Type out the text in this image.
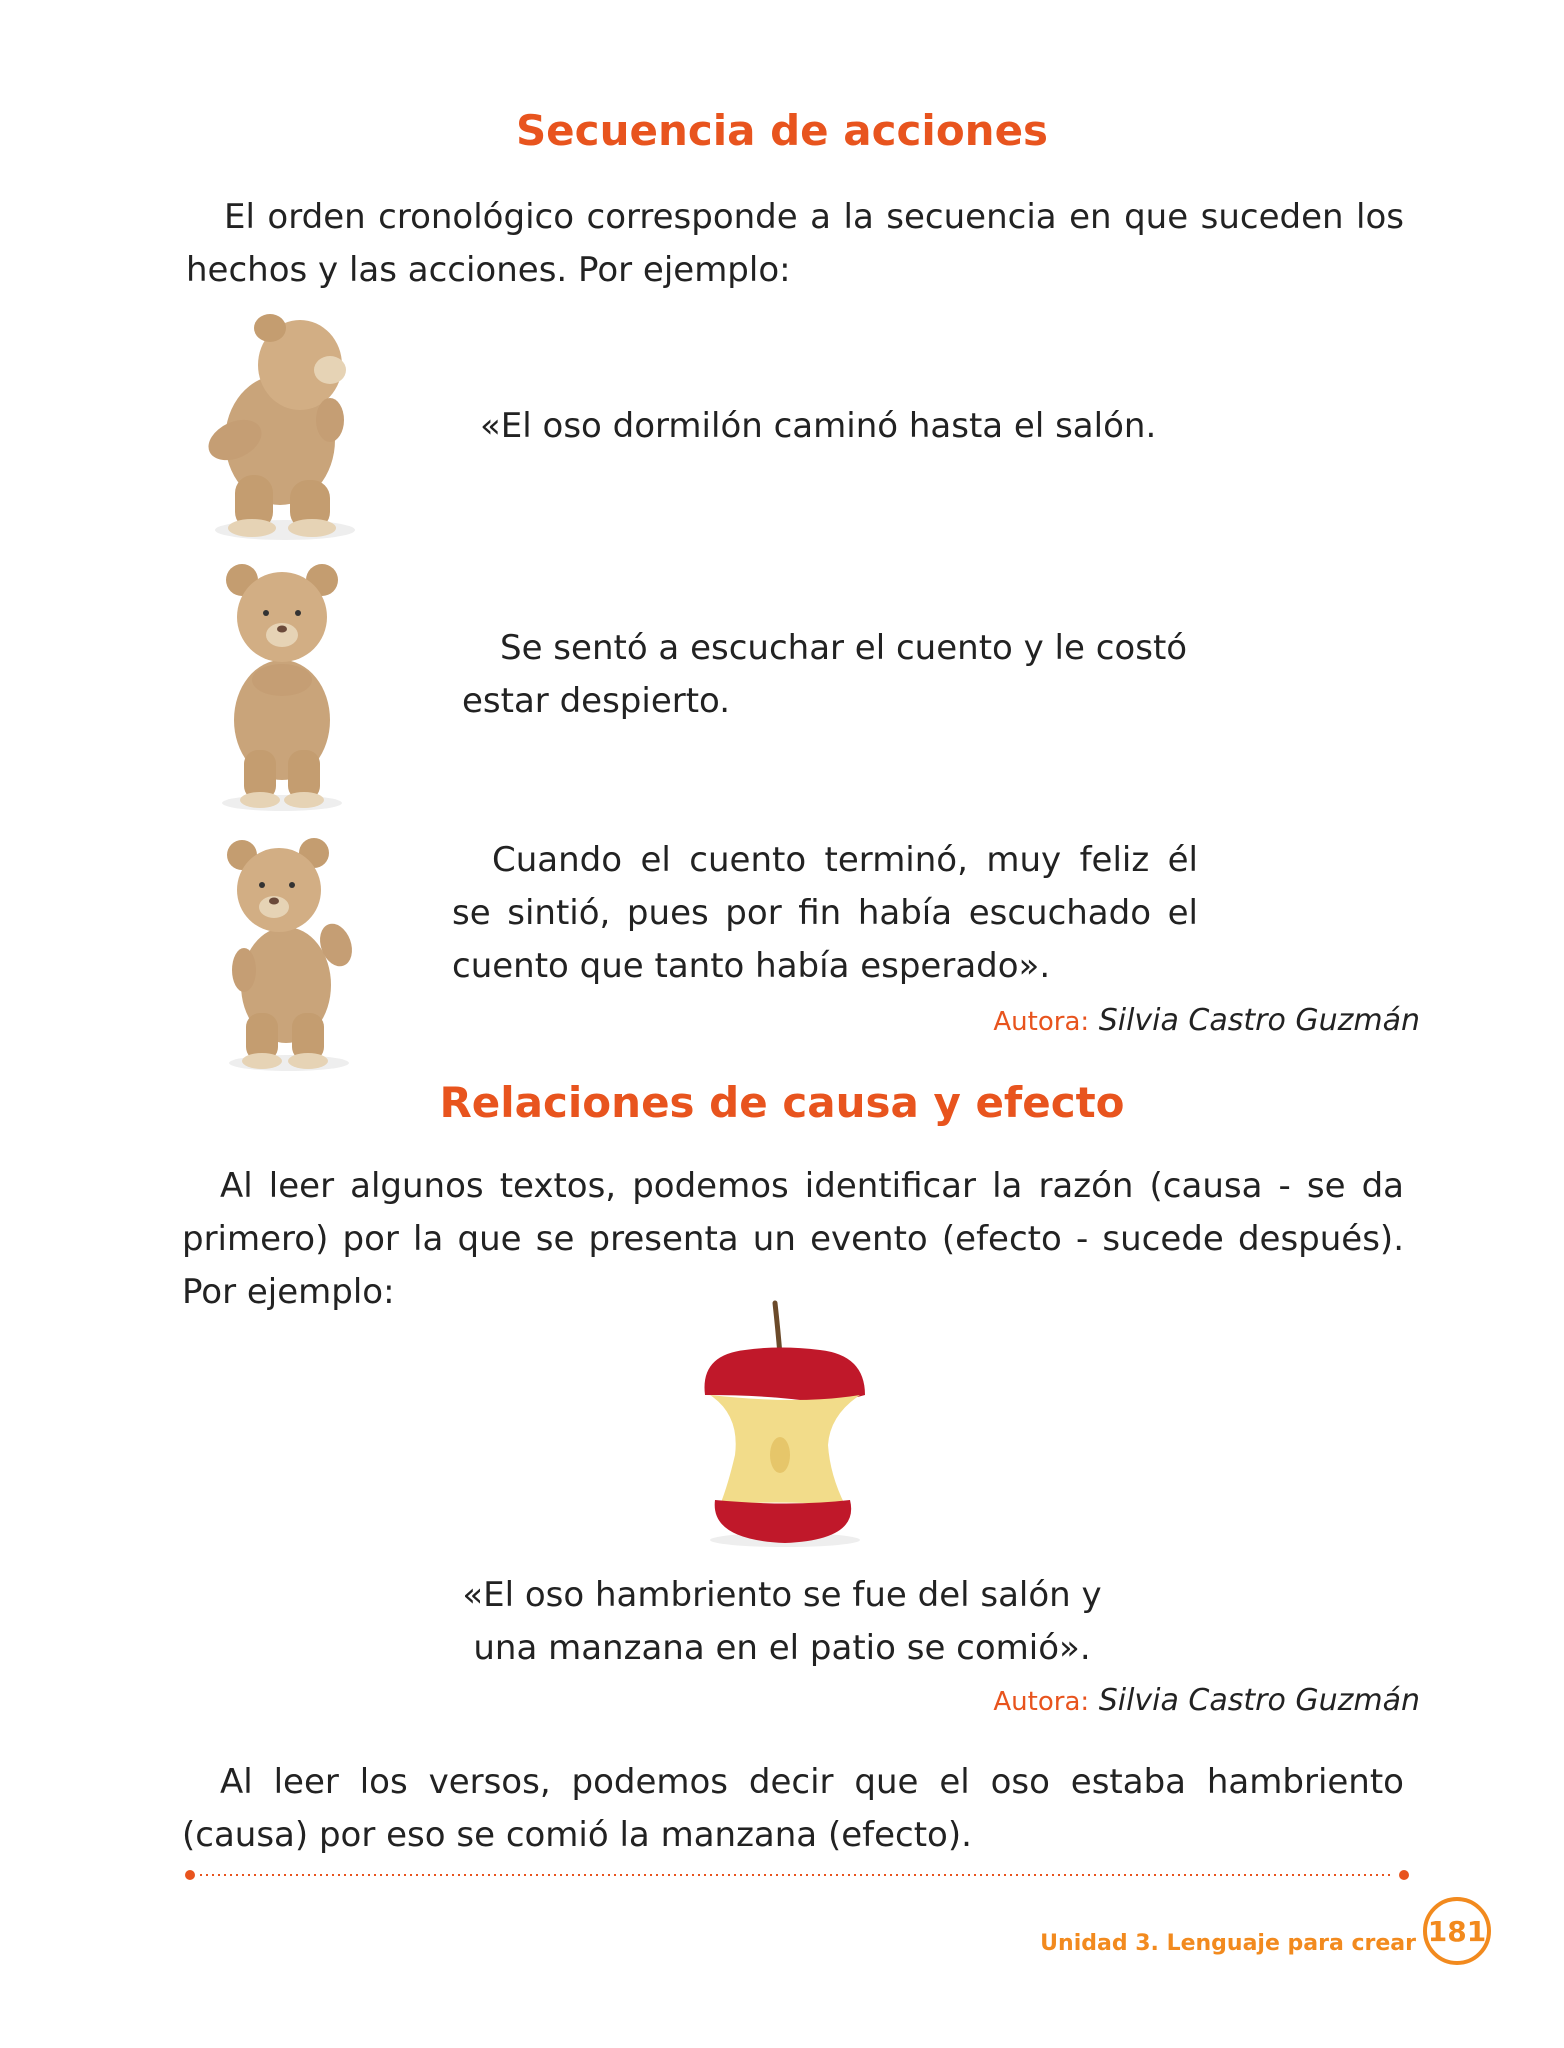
Secuencia de acciones

El orden cronológico corresponde a la secuencia en que suceden los hechos y las acciones. Por ejemplo:

«El oso dormilón caminó hasta el salón.

Se sentó a escuchar el cuento y le costó estar despierto.

Cuando el cuento terminó, muy feliz él se sintió, pues por fin había escuchado el cuento que tanto había esperado».

Autora: Silvia Castro Guzmán
Relaciones de causa y efecto

Al leer algunos textos, podemos identificar la razón (causa - se da primero) por la que se presenta un evento (efecto - sucede después). Por ejemplo:

«El oso hambriento se fue del salón y
una manzana en el patio se comió».
Autora: Silvia Castro Guzmán

Al leer los versos, podemos decir que el oso estaba hambriento (causa) por eso se comió la manzana (efecto).

Unidad 3. Lenguaje para crear 181
